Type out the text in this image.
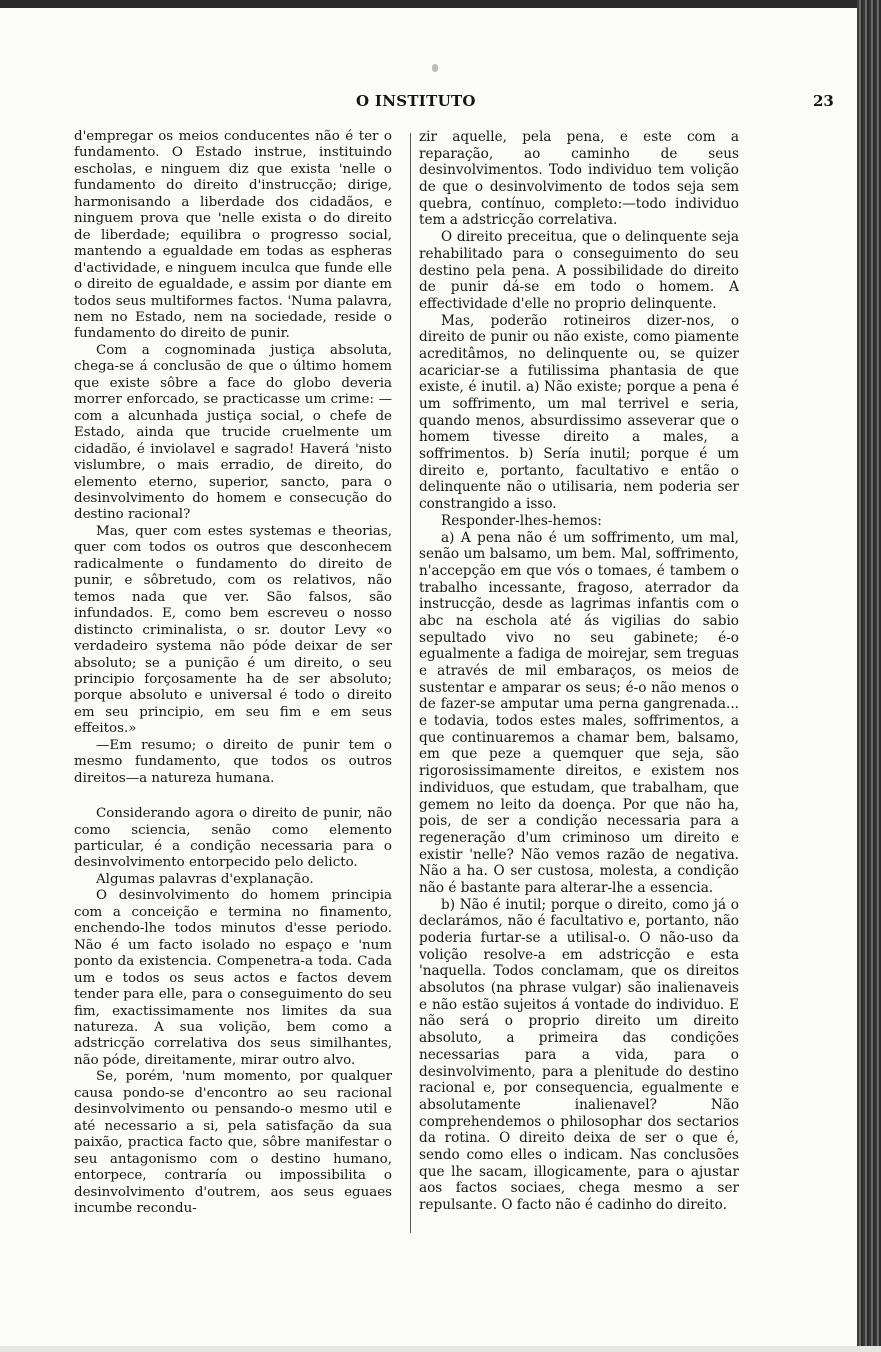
O INSTITUTO	23

d'empregar os meios conducentes não é ter o fundamento. O Estado instrue, instituindo escholas, e ninguem diz que exista 'nelle o fundamento do direito d'instrucção; dirige, harmonisando a liberdade dos cidadãos, e ninguem prova que 'nelle exista o do direito de liberdade; equilibra o progresso social, mantendo a egualdade em todas as espheras d'actividade, e ninguem inculca que funde elle o direito de egualdade, e assim por diante em todos seus multiformes factos. 'Numa palavra, nem no Estado, nem na sociedade, reside o fundamento do direito de punir.

Com a cognominada justiça absoluta, chega-se á conclusão de que o último homem que existe sôbre a face do globo deveria morrer enforcado, se practicasse um crime: —com a alcunhada justiça social, o chefe de Estado, ainda que trucide cruelmente um cidadão, é inviolavel e sagrado! Haverá 'nisto vislumbre, o mais erradio, de direito, do elemento eterno, superior, sancto, para o desinvolvimento do homem e consecução do destino racional?

Mas, quer com estes systemas e theorias, quer com todos os outros que desconhecem radicalmente o fundamento do direito de punir, e sôbretudo, com os relativos, não temos nada que ver. São falsos, são infundados. E, como bem escreveu o nosso distincto criminalista, o sr. doutor Levy «o verdadeiro systema não póde deixar de ser absoluto; se a punição é um direito, o seu principio forçosamente ha de ser absoluto; porque absoluto e universal é todo o direito em seu principio, em seu fim e em seus effeitos.»

—Em resumo; o direito de punir tem o mesmo fundamento, que todos os outros direitos—a natureza humana.

Considerando agora o direito de punir, não como sciencia, senão como elemento particular, é a condição necessaria para o desinvolvimento entorpecido pelo delicto.

Algumas palavras d'explanação.

O desinvolvimento do homem principia com a conceição e termina no finamento, enchendo-lhe todos minutos d'esse periodo. Não é um facto isolado no espaço e 'num ponto da existencia. Compenetra-a toda. Cada um e todos os seus actos e factos devem tender para elle, para o conseguimento do seu fim, exactissimamente nos limites da sua natureza. A sua volição, bem como a adstricção correlativa dos seus similhantes, não póde, direitamente, mirar outro alvo.

Se, porém, 'num momento, por qualquer causa pondo-se d'encontro ao seu racional desinvolvimento ou pensando-o mesmo util e até necessario a si, pela satisfação da sua paixão, practica facto que, sôbre manifestar o seu antagonismo com o destino humano, entorpece, contraría ou impossibilita o desinvolvimento d'outrem, aos seus eguaes incumbe recondu-

zir aquelle, pela pena, e este com a reparação, ao caminho de seus desinvolvimentos. Todo individuo tem volição de que o desinvolvimento de todos seja sem quebra, contínuo, completo:—todo individuo tem a adstricção correlativa.

O direito preceitua, que o delinquente seja rehabilitado para o conseguimento do seu destino pela pena. A possibilidade do direito de punir dá-se em todo o homem. A effectividade d'elle no proprio delinquente.

Mas, poderão rotineiros dizer-nos, o direito de punir ou não existe, como piamente acreditâmos, no delinquente ou, se quizer acariciar-se a futilissima phantasia de que existe, é inutil. a) Não existe; porque a pena é um soffrimento, um mal terrivel e seria, quando menos, absurdissimo asseverar que o homem tivesse direito a males, a soffrimentos. b) Sería inutil; porque é um direito e, portanto, facultativo e então o delinquente não o utilisaria, nem poderia ser constrangido a isso.

Responder-lhes-hemos:

a) A pena não é um soffrimento, um mal, senão um balsamo, um bem. Mal, soffrimento, n'accepção em que vós o tomaes, é tambem o trabalho incessante, fragoso, aterrador da instrucção, desde as lagrimas infantis com o abc na eschola até ás vigilias do sabio sepultado vivo no seu gabinete; é-o egualmente a fadiga de moirejar, sem treguas e através de mil embaraços, os meios de sustentar e amparar os seus; é-o não menos o de fazer-se amputar uma perna gangrenada... e todavia, todos estes males, soffrimentos, a que continuaremos a chamar bem, balsamo, em que peze a quemquer que seja, são rigorosissimamente direitos, e existem nos individuos, que estudam, que trabalham, que gemem no leito da doença. Por que não ha, pois, de ser a condição necessaria para a regeneração d'um criminoso um direito e existir 'nelle? Não vemos razão de negativa. Não a ha. O ser custosa, molesta, a condição não é bastante para alterar-lhe a essencia.

b) Não é inutil; porque o direito, como já o declarámos, não é facultativo e, portanto, não poderia furtar-se a utilisal-o. O não-uso da volição resolve-a em adstricção e esta 'naquella. Todos conclamam, que os direitos absolutos (na phrase vulgar) são inalienaveis e não estão sujeitos á vontade do individuo. E não será o proprio direito um direito absoluto, a primeira das condições necessarias para a vida, para o desinvolvimento, para a plenitude do destino racional e, por consequencia, egualmente e absolutamente inalienavel? Não comprehendemos o philosophar dos sectarios da rotina. O direito deixa de ser o que é, sendo como elles o indicam. Nas conclusões que lhe sacam, illogicamente, para o ajustar aos factos sociaes, chega mesmo a ser repulsante. O facto não é cadinho do direito.
